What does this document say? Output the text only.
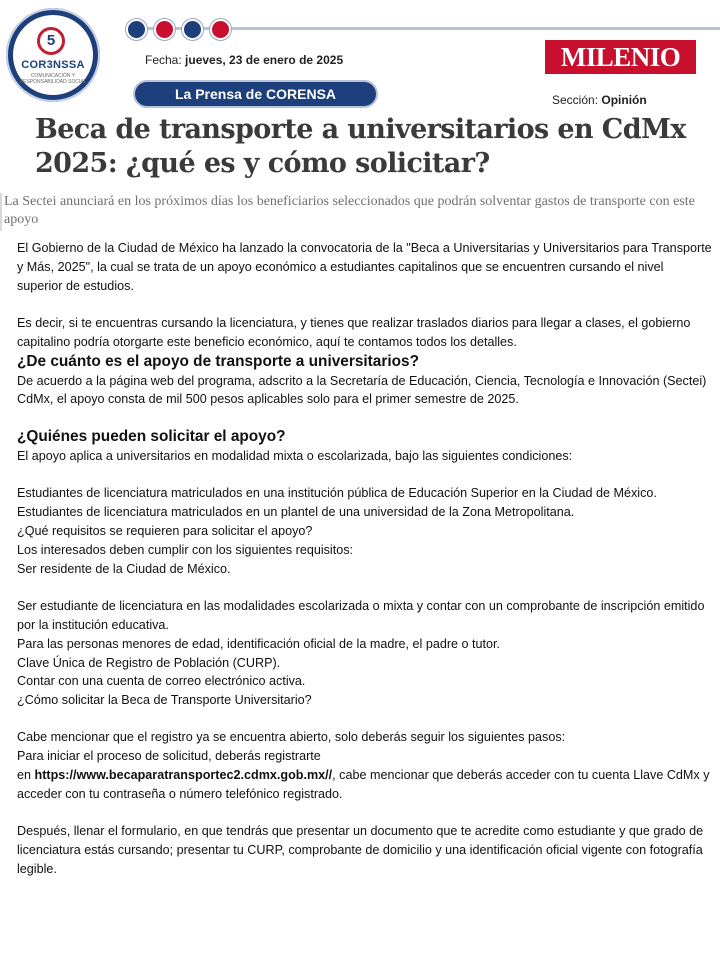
5
COR3NSSA
COMUNICACIÓN Y RESPONSABILIDAD SOCIAL
Fecha: jueves, 23 de enero de 2025
La Prensa de CORENSA
MILENIO
Sección: Opinión
Beca de transporte a universitarios en CdMx 2025: ¿qué es y cómo solicitar?
La Sectei anunciará en los próximos días los beneficiarios seleccionados que podrán solventar gastos de transporte con este apoyo

El Gobierno de la Ciudad de México ha lanzado la convocatoria de la "Beca a Universitarias y Universitarios para Transporte y Más, 2025", la cual se trata de un apoyo económico a estudiantes capitalinos que se encuentren cursando el nivel superior de estudios.

Es decir, si te encuentras cursando la licenciatura, y tienes que realizar traslados diarios para llegar a clases, el gobierno capitalino podría otorgarte este beneficio económico, aquí te contamos todos los detalles.

¿De cuánto es el apoyo de transporte a universitarios?

De acuerdo a la página web del programa, adscrito a la Secretaría de Educación, Ciencia, Tecnología e Innovación (Sectei) CdMx, el apoyo consta de mil 500 pesos aplicables solo para el primer semestre de 2025.

¿Quiénes pueden solicitar el apoyo?

El apoyo aplica a universitarios en modalidad mixta o escolarizada, bajo las siguientes condiciones:

Estudiantes de licenciatura matriculados en una institución pública de Educación Superior en la Ciudad de México.

Estudiantes de licenciatura matriculados en un plantel de una universidad de la Zona Metropolitana.

¿Qué requisitos se requieren para solicitar el apoyo?

Los interesados deben cumplir con los siguientes requisitos:

Ser residente de la Ciudad de México.

Ser estudiante de licenciatura en las modalidades escolarizada o mixta y contar con un comprobante de inscripción emitido por la institución educativa.

Para las personas menores de edad, identificación oficial de la madre, el padre o tutor.

Clave Única de Registro de Población (CURP).

Contar con una cuenta de correo electrónico activa.

¿Cómo solicitar la Beca de Transporte Universitario?

Cabe mencionar que el registro ya se encuentra abierto, solo deberás seguir los siguientes pasos:

Para iniciar el proceso de solicitud, deberás registrarte

en https://www.becaparatransportec2.cdmx.gob.mx//, cabe mencionar que deberás acceder con tu cuenta Llave CdMx y acceder con tu contraseña o número telefónico registrado.

Después, llenar el formulario, en que tendrás que presentar un documento que te acredite como estudiante y que grado de licenciatura estás cursando; presentar tu CURP, comprobante de domicilio y una identificación oficial vigente con fotografía legible.
